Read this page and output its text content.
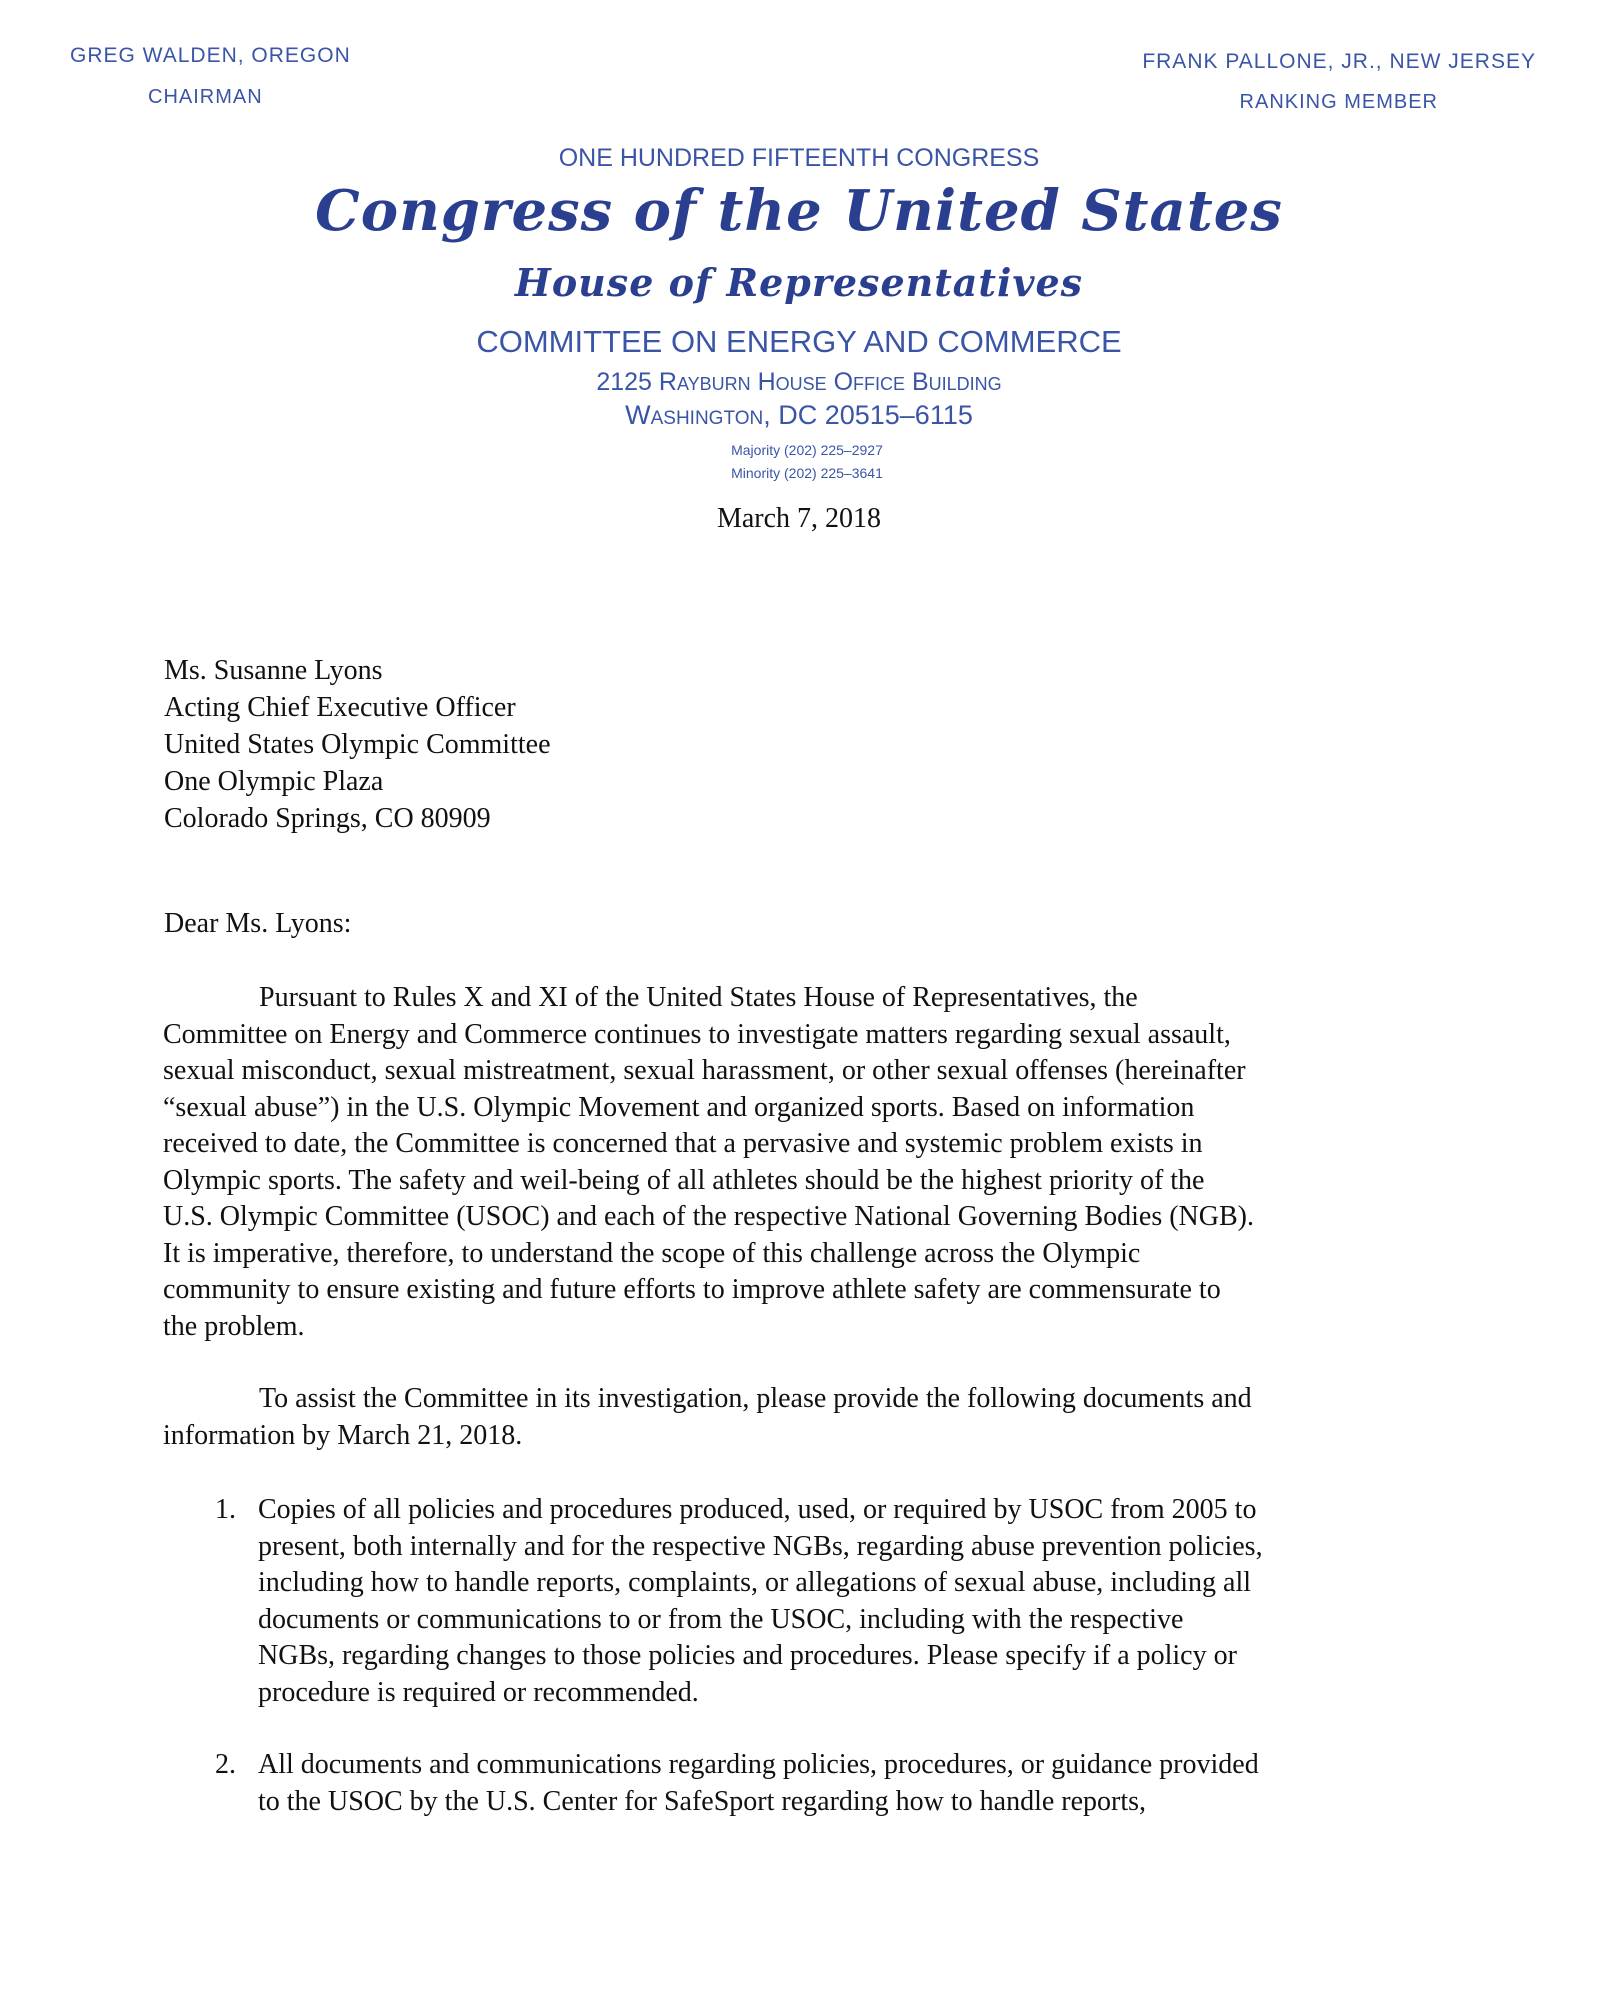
GREG WALDEN, OREGON
CHAIRMAN
FRANK PALLONE, JR., NEW JERSEY
RANKING MEMBER
ONE HUNDRED FIFTEENTH CONGRESS
Congress of the United States
House of Representatives
COMMITTEE ON ENERGY AND COMMERCE
2125 Rayburn House Office Building
Washington, DC 20515–6115
Majority (202) 225–2927
Minority (202) 225–3641
March 7, 2018
Ms. Susanne Lyons
Acting Chief Executive Officer
United States Olympic Committee
One Olympic Plaza
Colorado Springs, CO 80909
Dear Ms. Lyons:
Pursuant to Rules X and XI of the United States House of Representatives, the
Committee on Energy and Commerce continues to investigate matters regarding sexual assault,
sexual misconduct, sexual mistreatment, sexual harassment, or other sexual offenses (hereinafter
“sexual abuse”) in the U.S. Olympic Movement and organized sports. Based on information
received to date, the Committee is concerned that a pervasive and systemic problem exists in
Olympic sports. The safety and weil-being of all athletes should be the highest priority of the
U.S. Olympic Committee (USOC) and each of the respective National Governing Bodies (NGB).
It is imperative, therefore, to understand the scope of this challenge across the Olympic
community to ensure existing and future efforts to improve athlete safety are commensurate to
the problem.
To assist the Committee in its investigation, please provide the following documents and
information by March 21, 2018.
1. Copies of all policies and procedures produced, used, or required by USOC from 2005 to
present, both internally and for the respective NGBs, regarding abuse prevention policies,
including how to handle reports, complaints, or allegations of sexual abuse, including all
documents or communications to or from the USOC, including with the respective
NGBs, regarding changes to those policies and procedures. Please specify if a policy or
procedure is required or recommended.
2. All documents and communications regarding policies, procedures, or guidance provided
to the USOC by the U.S. Center for SafeSport regarding how to handle reports,
